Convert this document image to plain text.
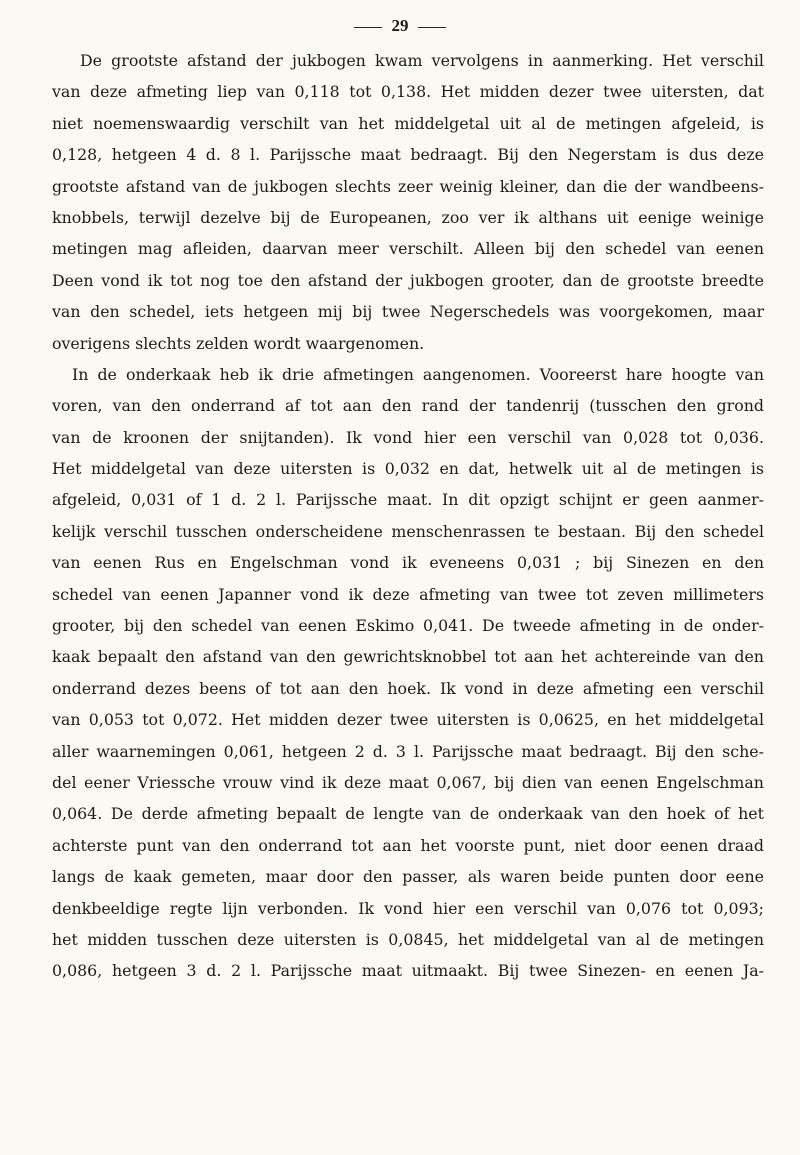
29
De grootste afstand der jukbogen kwam vervolgens in aanmerking. Het verschil
van deze afmeting liep van 0,118 tot 0,138. Het midden dezer twee uitersten, dat
niet noemenswaardig verschilt van het middelgetal uit al de metingen afgeleid, is
0,128, hetgeen 4 d. 8 l. Parijssche maat bedraagt. Bij den Negerstam is dus deze
grootste afstand van de jukbogen slechts zeer weinig kleiner, dan die der wandbeens-
knobbels, terwijl dezelve bij de Europeanen, zoo ver ik althans uit eenige weinige
metingen mag afleiden, daarvan meer verschilt. Alleen bij den schedel van eenen
Deen vond ik tot nog toe den afstand der jukbogen grooter, dan de grootste breedte
van den schedel, iets hetgeen mij bij twee Negerschedels was voorgekomen, maar
overigens slechts zelden wordt waargenomen.
In de onderkaak heb ik drie afmetingen aangenomen. Vooreerst hare hoogte van
voren, van den onderrand af tot aan den rand der tandenrij (tusschen den grond
van de kroonen der snijtanden). Ik vond hier een verschil van 0,028 tot 0,036.
Het middelgetal van deze uitersten is 0,032 en dat, hetwelk uit al de metingen is
afgeleid, 0,031 of 1 d. 2 l. Parijssche maat. In dit opzigt schijnt er geen aanmer-
kelijk verschil tusschen onderscheidene menschenrassen te bestaan. Bij den schedel
van eenen Rus en Engelschman vond ik eveneens 0,031 ; bij Sinezen en den
schedel van eenen Japanner vond ik deze afmeting van twee tot zeven millimeters
grooter, bij den schedel van eenen Eskimo 0,041. De tweede afmeting in de onder-
kaak bepaalt den afstand van den gewrichtsknobbel tot aan het achtereinde van den
onderrand dezes beens of tot aan den hoek. Ik vond in deze afmeting een verschil
van 0,053 tot 0,072. Het midden dezer twee uitersten is 0,0625, en het middelgetal
aller waarnemingen 0,061, hetgeen 2 d. 3 l. Parijssche maat bedraagt. Bij den sche-
del eener Vriessche vrouw vind ik deze maat 0,067, bij dien van eenen Engelschman
0,064. De derde afmeting bepaalt de lengte van de onderkaak van den hoek of het
achterste punt van den onderrand tot aan het voorste punt, niet door eenen draad
langs de kaak gemeten, maar door den passer, als waren beide punten door eene
denkbeeldige regte lijn verbonden. Ik vond hier een verschil van 0,076 tot 0,093;
het midden tusschen deze uitersten is 0,0845, het middelgetal van al de metingen
0,086, hetgeen 3 d. 2 l. Parijssche maat uitmaakt. Bij twee Sinezen- en eenen Ja-
